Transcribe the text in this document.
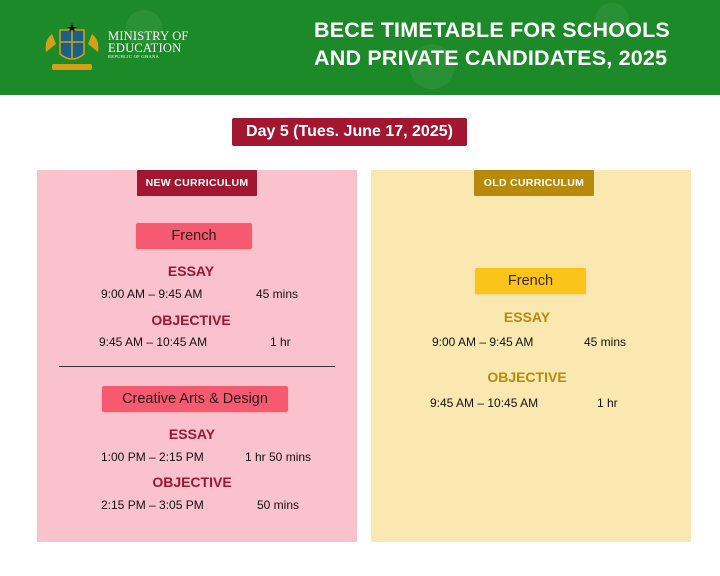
MINISTRY OF
EDUCATION
REPUBLIC OF GHANA
BECE TIMETABLE FOR SCHOOLS
AND PRIVATE CANDIDATES, 2025
Day 5 (Tues. June 17, 2025)
NEW CURRICULUM
French
ESSAY
9:00 AM – 9:45 AM	45 mins
OBJECTIVE
9:45 AM – 10:45 AM	1 hr
Creative Arts & Design
ESSAY
1:00 PM – 2:15 PM	1 hr 50 mins
OBJECTIVE
2:15 PM – 3:05 PM	50 mins
OLD CURRICULUM
French
ESSAY
9:00 AM – 9:45 AM	45 mins
OBJECTIVE
9:45 AM – 10:45 AM	1 hr
